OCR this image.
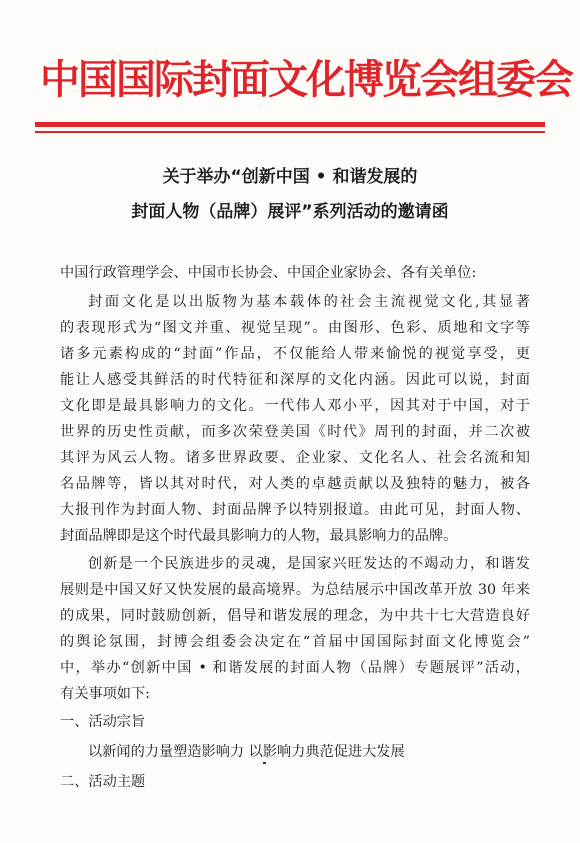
中国国际封面文化博览会组委会
关于举办“创新中国 • 和谐发展的
封面人物（品牌）展评”系列活动的邀请函
中国行政管理学会、中国市长协会、中国企业家协会、各有关单位:
封面文化是以出版物为基本载体的社会主流视觉文化,其显著
的表现形式为“图文并重、视觉呈现”。由图形、色彩、质地和文字等
诸多元素构成的“封面”作品，不仅能给人带来愉悦的视觉享受，更
能让人感受其鲜活的时代特征和深厚的文化内涵。因此可以说，封面
文化即是最具影响力的文化。一代伟人邓小平，因其对于中国，对于
世界的历史性贡献，而多次荣登美国《时代》周刊的封面，并二次被
其评为风云人物。诸多世界政要、企业家、文化名人、社会名流和知
名品牌等，皆以其对时代，对人类的卓越贡献以及独特的魅力，被各
大报刊作为封面人物、封面品牌予以特别报道。由此可见，封面人物、
封面品牌即是这个时代最具影响力的人物，最具影响力的品牌。
创新是一个民族进步的灵魂，是国家兴旺发达的不竭动力，和谐发
展则是中国又好又快发展的最高境界。为总结展示中国改革开放 30 年来
的成果，同时鼓励创新，倡导和谐发展的理念，为中共十七大营造良好
的舆论氛围，封博会组委会决定在“首届中国国际封面文化博览会”
中，举办“创新中国 • 和谐发展的封面人物（品牌）专题展评”活动，
有关事项如下:
一、活动宗旨
以新闻的力量塑造影响力 以影响力典范促进大发展
二、活动主题
